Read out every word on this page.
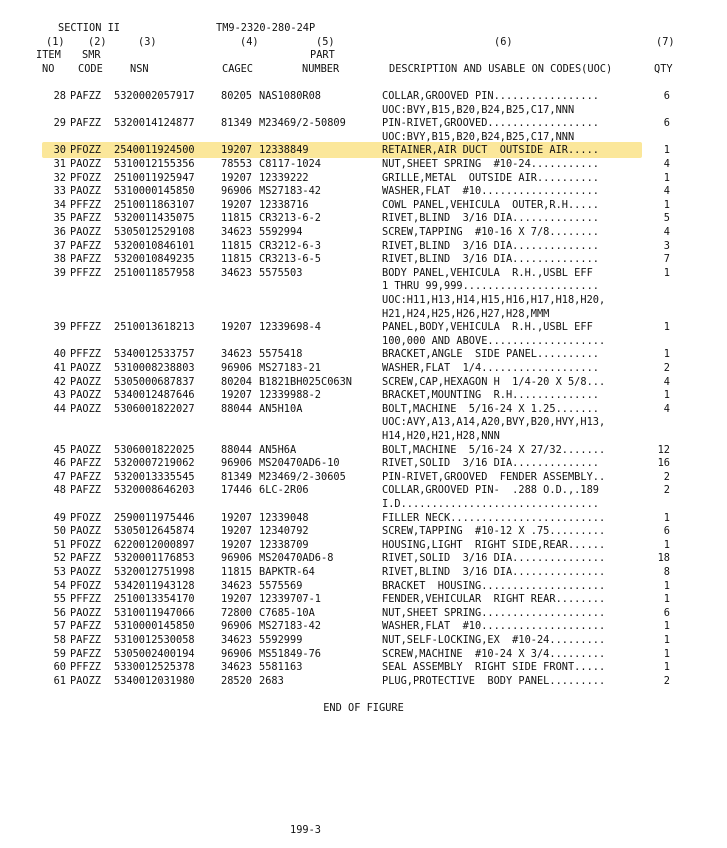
SECTION II	TM9-2320-280-24P
(1) (2)	(3)	(4)	(5)	(6)	(7)
ITEM SMR	PART
NO CODE	NSN	CAGEC	NUMBER	DESCRIPTION AND USABLE ON CODES(UOC)	QTY
28 PAFZZ 5320002057917	80205 NAS1080R08	COLLAR,GROOVED PIN.................	6
UOC:BVY,B15,B20,B24,B25,C17,NNN
29 PAFZZ 5320014124877	81349 M23469/2-50809	PIN-RIVET,GROOVED..................	6
UOC:BVY,B15,B20,B24,B25,C17,NNN
30 PFOZZ 2540011924500	19207 12338849	RETAINER,AIR DUCT  OUTSIDE AIR.....	1
31 PAOZZ 5310012155356	78553 C8117-1024	NUT,SHEET SPRING  #10-24...........	4
32 PFOZZ 2510011925947	19207 12339222	GRILLE,METAL  OUTSIDE AIR..........	1
33 PAOZZ 5310000145850	96906 MS27183-42	WASHER,FLAT  #10...................	4
34 PFFZZ 2510011863107	19207 12338716	COWL PANEL,VEHICULA  OUTER,R.H.....	1
35 PAFZZ 5320011435075	11815 CR3213-6-2	RIVET,BLIND  3/16 DIA..............	5
36 PAOZZ 5305012529108	34623 5592994	SCREW,TAPPING  #10-16 X 7/8........	4
37 PAFZZ 5320010846101	11815 CR3212-6-3	RIVET,BLIND  3/16 DIA..............	3
38 PAFZZ 5320010849235	11815 CR3213-6-5	RIVET,BLIND  3/16 DIA..............	7
39 PFFZZ 2510011857958	34623 5575503	BODY PANEL,VEHICULA  R.H.,USBL EFF	1
1 THRU 99,999......................
UOC:H11,H13,H14,H15,H16,H17,H18,H20,
H21,H24,H25,H26,H27,H28,MMM
39 PFFZZ 2510013618213	19207 12339698-4	PANEL,BODY,VEHICULA  R.H.,USBL EFF	1
100,000 AND ABOVE...................
40 PFFZZ 5340012533757	34623 5575418	BRACKET,ANGLE  SIDE PANEL..........	1
41 PAOZZ 5310008238803	96906 MS27183-21	WASHER,FLAT  1/4...................	2
42 PAOZZ 5305000687837	80204 B1821BH025C063N	SCREW,CAP,HEXAGON H  1/4-20 X 5/8...	4
43 PAOZZ 5340012487646	19207 12339988-2	BRACKET,MOUNTING  R.H..............	1
44 PAOZZ 5306001822027	88044 AN5H10A	BOLT,MACHINE  5/16-24 X 1.25.......	4
UOC:AVY,A13,A14,A20,BVY,B20,HVY,H13,
H14,H20,H21,H28,NNN
45 PAOZZ 5306001822025	88044 AN5H6A	BOLT,MACHINE  5/16-24 X 27/32.......	12
46 PAFZZ 5320007219062	96906 MS20470AD6-10	RIVET,SOLID  3/16 DIA..............	16
47 PAFZZ 5320013335545	81349 M23469/2-30605	PIN-RIVET,GROOVED  FENDER ASSEMBLY..	2
48 PAFZZ 5320008646203	17446 6LC-2R06	COLLAR,GROOVED PIN-  .288 O.D.,.189	2
I.D................................
49 PFOZZ 2590011975446	19207 12339048	FILLER NECK.........................	1
50 PAOZZ 5305012645874	19207 12340792	SCREW,TAPPING  #10-12 X .75.........	6
51 PFOZZ 6220012000897	19207 12338709	HOUSING,LIGHT  RIGHT SIDE,REAR......	1
52 PAFZZ 5320001176853	96906 MS20470AD6-8	RIVET,SOLID  3/16 DIA...............	18
53 PAOZZ 5320012751998	11815 BAPKTR-64	RIVET,BLIND  3/16 DIA...............	8
54 PFOZZ 5342011943128	34623 5575569	BRACKET  HOUSING....................	1
55 PFFZZ 2510013354170	19207 12339707-1	FENDER,VEHICULAR  RIGHT REAR........	1
56 PAOZZ 5310011947066	72800 C7685-10A	NUT,SHEET SPRING....................	6
57 PAFZZ 5310000145850	96906 MS27183-42	WASHER,FLAT  #10....................	1
58 PAFZZ 5310012530058	34623 5592999	NUT,SELF-LOCKING,EX  #10-24.........	1
59 PAFZZ 5305002400194	96906 MS51849-76	SCREW,MACHINE  #10-24 X 3/4.........	1
60 PFFZZ 5330012525378	34623 5581163	SEAL ASSEMBLY  RIGHT SIDE FRONT.....	1
61 PAOZZ 5340012031980	28520 2683	PLUG,PROTECTIVE  BODY PANEL.........	2
END OF FIGURE
199-3
